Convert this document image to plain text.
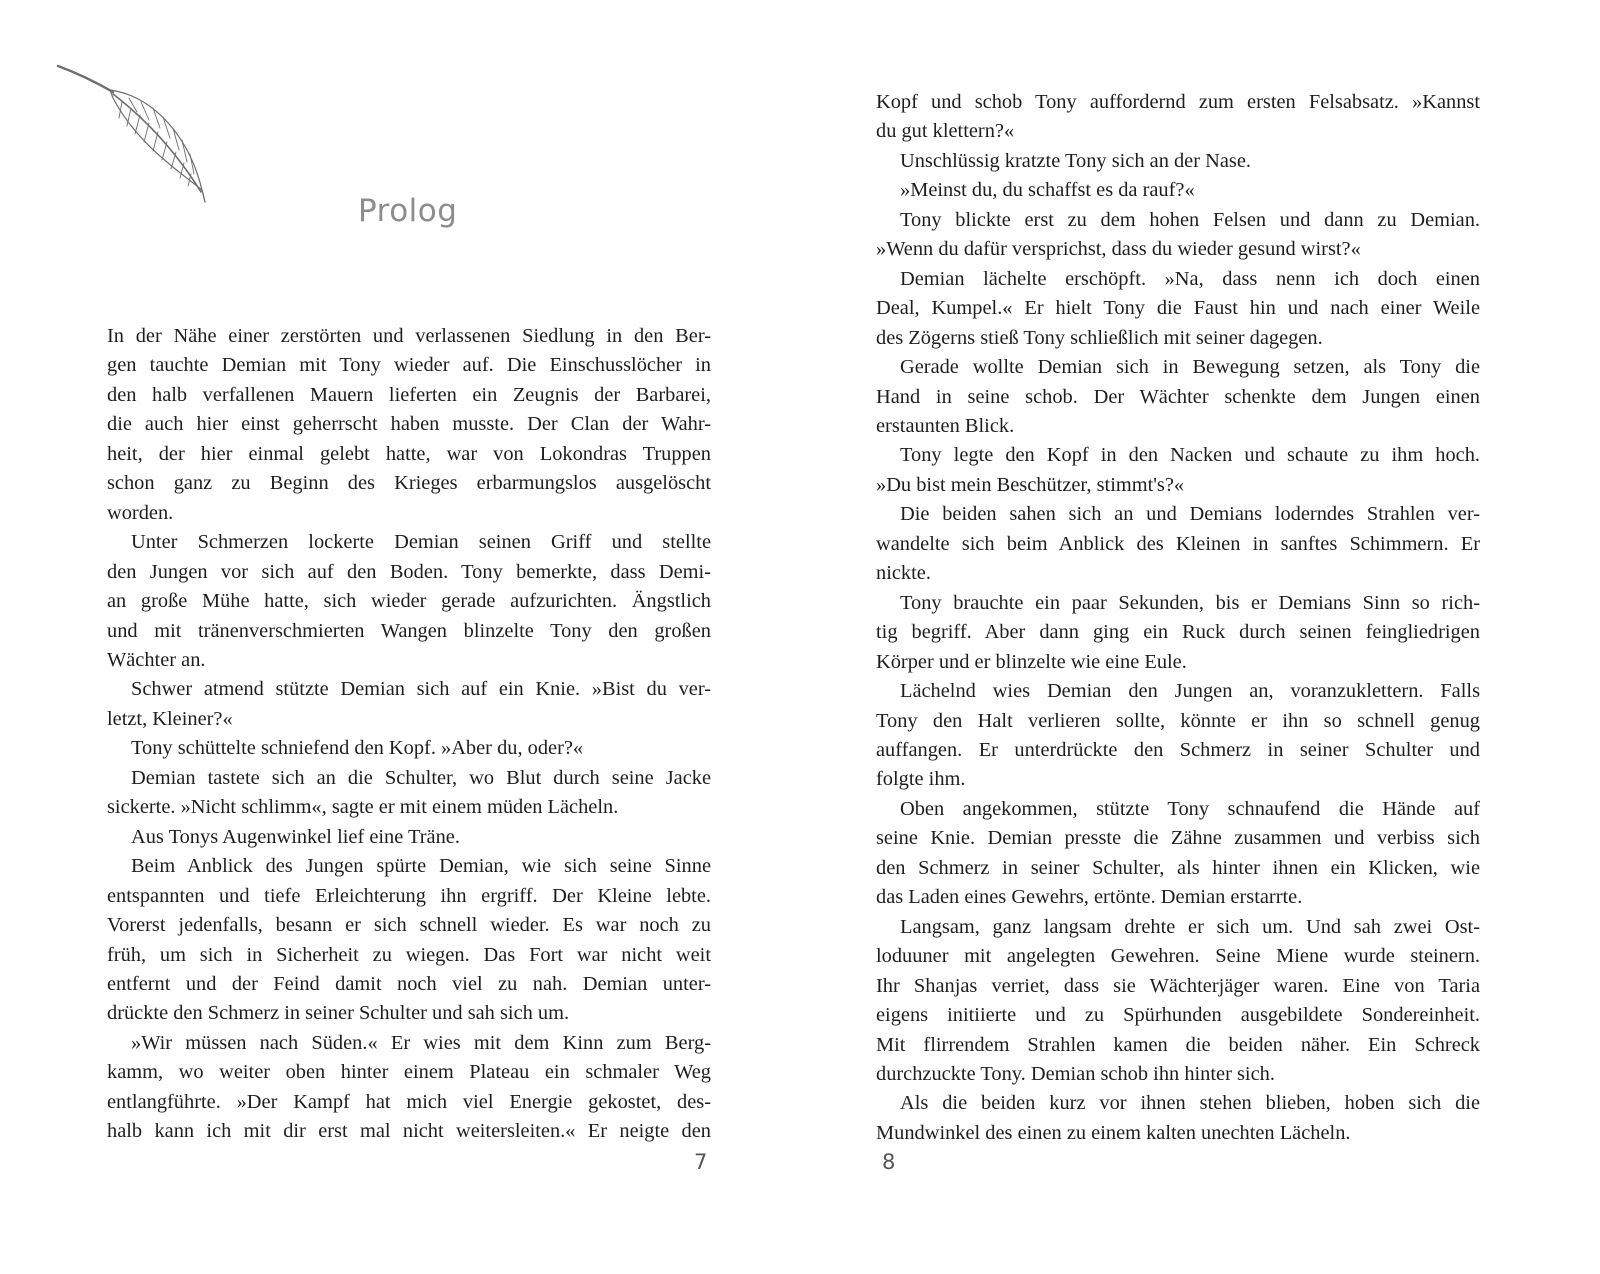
Prolog
In der Nähe einer zerstörten und verlassenen Siedlung in den Ber-
gen tauchte Demian mit Tony wieder auf. Die Einschusslöcher in
den halb verfallenen Mauern lieferten ein Zeugnis der Barbarei,
die auch hier einst geherrscht haben musste. Der Clan der Wahr-
heit, der hier einmal gelebt hatte, war von Lokondras Truppen
schon ganz zu Beginn des Krieges erbarmungslos ausgelöscht
worden.
Unter Schmerzen lockerte Demian seinen Griff und stellte
den Jungen vor sich auf den Boden. Tony bemerkte, dass Demi-
an große Mühe hatte, sich wieder gerade aufzurichten. Ängstlich
und mit tränenverschmierten Wangen blinzelte Tony den großen
Wächter an.
Schwer atmend stützte Demian sich auf ein Knie. »Bist du ver-
letzt, Kleiner?«
Tony schüttelte schniefend den Kopf. »Aber du, oder?«
Demian tastete sich an die Schulter, wo Blut durch seine Jacke
sickerte. »Nicht schlimm«, sagte er mit einem müden Lächeln.
Aus Tonys Augenwinkel lief eine Träne.
Beim Anblick des Jungen spürte Demian, wie sich seine Sinne
entspannten und tiefe Erleichterung ihn ergriff. Der Kleine lebte.
Vorerst jedenfalls, besann er sich schnell wieder. Es war noch zu
früh, um sich in Sicherheit zu wiegen. Das Fort war nicht weit
entfernt und der Feind damit noch viel zu nah. Demian unter-
drückte den Schmerz in seiner Schulter und sah sich um.
»Wir müssen nach Süden.« Er wies mit dem Kinn zum Berg-
kamm, wo weiter oben hinter einem Plateau ein schmaler Weg
entlangführte. »Der Kampf hat mich viel Energie gekostet, des-
halb kann ich mit dir erst mal nicht weitersleiten.« Er neigte den
7
Kopf und schob Tony auffordernd zum ersten Felsabsatz. »Kannst
du gut klettern?«
Unschlüssig kratzte Tony sich an der Nase.
»Meinst du, du schaffst es da rauf?«
Tony blickte erst zu dem hohen Felsen und dann zu Demian.
»Wenn du dafür versprichst, dass du wieder gesund wirst?«
Demian lächelte erschöpft. »Na, dass nenn ich doch einen
Deal, Kumpel.« Er hielt Tony die Faust hin und nach einer Weile
des Zögerns stieß Tony schließlich mit seiner dagegen.
Gerade wollte Demian sich in Bewegung setzen, als Tony die
Hand in seine schob. Der Wächter schenkte dem Jungen einen
erstaunten Blick.
Tony legte den Kopf in den Nacken und schaute zu ihm hoch.
»Du bist mein Beschützer, stimmt's?«
Die beiden sahen sich an und Demians loderndes Strahlen ver-
wandelte sich beim Anblick des Kleinen in sanftes Schimmern. Er
nickte.
Tony brauchte ein paar Sekunden, bis er Demians Sinn so rich-
tig begriff. Aber dann ging ein Ruck durch seinen feingliedrigen
Körper und er blinzelte wie eine Eule.
Lächelnd wies Demian den Jungen an, voranzuklettern. Falls
Tony den Halt verlieren sollte, könnte er ihn so schnell genug
auffangen. Er unterdrückte den Schmerz in seiner Schulter und
folgte ihm.
Oben angekommen, stützte Tony schnaufend die Hände auf
seine Knie. Demian presste die Zähne zusammen und verbiss sich
den Schmerz in seiner Schulter, als hinter ihnen ein Klicken, wie
das Laden eines Gewehrs, ertönte. Demian erstarrte.
Langsam, ganz langsam drehte er sich um. Und sah zwei Ost-
loduuner mit angelegten Gewehren. Seine Miene wurde steinern.
Ihr Shanjas verriet, dass sie Wächterjäger waren. Eine von Taria
eigens initiierte und zu Spürhunden ausgebildete Sondereinheit.
Mit flirrendem Strahlen kamen die beiden näher. Ein Schreck
durchzuckte Tony. Demian schob ihn hinter sich.
Als die beiden kurz vor ihnen stehen blieben, hoben sich die
Mundwinkel des einen zu einem kalten unechten Lächeln.
8
